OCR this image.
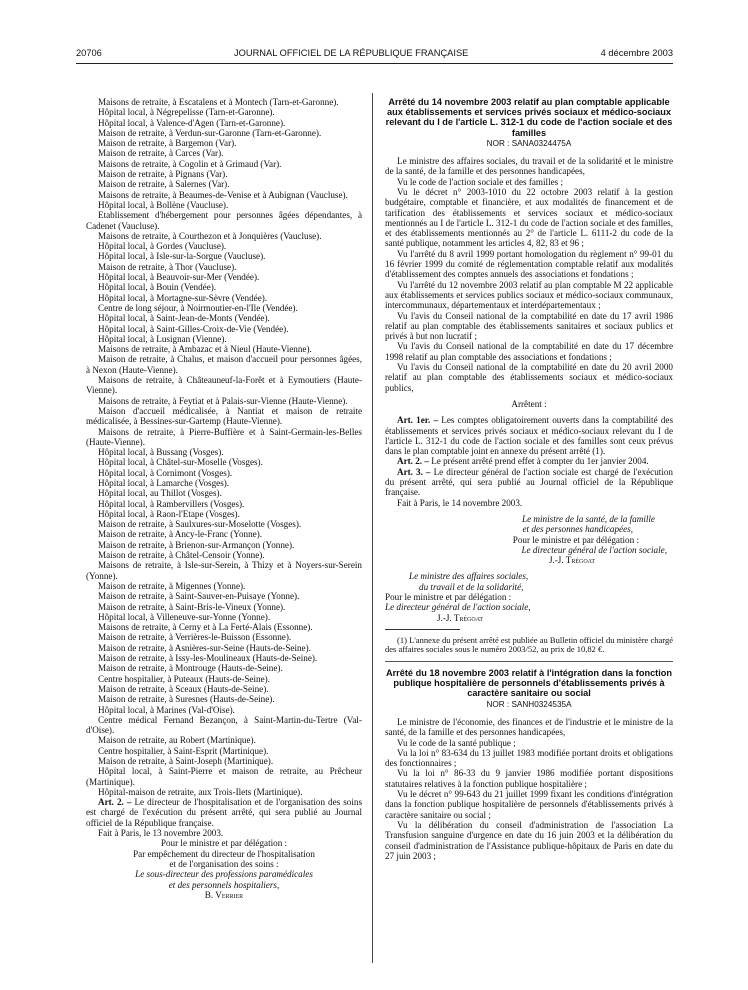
20706	JOURNAL OFFICIEL DE LA RÉPUBLIQUE FRANÇAISE	4 décembre 2003

Maisons de retraite, à Escatalens et à Montech (Tarn-et-Garonne).

Hôpital local, à Négrepelisse (Tarn-et-Garonne).

Hôpital local, à Valence-d'Agen (Tarn-et-Garonne).

Maison de retraite, à Verdun-sur-Garonne (Tarn-et-Garonne).

Maison de retraite, à Bargemon (Var).

Maison de retraite, à Carces (Var).

Maisons de retraite, à Cogolin et à Grimaud (Var).

Maison de retraite, à Pignans (Var).

Maison de retraite, à Salernes (Var).

Maisons de retraite, à Beaumes-de-Venise et à Aubignan (Vaucluse).

Hôpital local, à Bollène (Vaucluse).

Etablissement d'hébergement pour personnes âgées dépendantes, à Cadenet (Vaucluse).

Maisons de retraite, à Courthezon et à Jonquières (Vaucluse).

Hôpital local, à Gordes (Vaucluse).

Hôpital local, à Isle-sur-la-Sorgue (Vaucluse).

Maison de retraite, à Thor (Vaucluse).

Hôpital local, à Beauvoir-sur-Mer (Vendée).

Hôpital local, à Bouin (Vendée).

Hôpital local, à Mortagne-sur-Sèvre (Vendée).

Centre de long séjour, à Noirmoutier-en-l'Ile (Vendée).

Hôpital local, à Saint-Jean-de-Monts (Vendée).

Hôpital local, à Saint-Gilles-Croix-de-Vie (Vendée).

Hôpital local, à Lusignan (Vienne).

Maisons de retraite, à Ambazac et à Nieul (Haute-Vienne).

Maison de retraite, à Chalus, et maison d'accueil pour personnes âgées, à Nexon (Haute-Vienne).

Maisons de retraite, à Châteauneuf-la-Forêt et à Eymoutiers (Haute-Vienne).

Maisons de retraite, à Feytiat et à Palais-sur-Vienne (Haute-Vienne).

Maison d'accueil médicalisée, à Nantiat et maison de retraite médicalisée, à Bessines-sur-Gartemp (Haute-Vienne).

Maisons de retraite, à Pierre-Buffière et à Saint-Germain-les-Belles (Haute-Vienne).

Hôpital local, à Bussang (Vosges).

Hôpital local, à Châtel-sur-Moselle (Vosges).

Hôpital local, à Cornimont (Vosges).

Hôpital local, à Lamarche (Vosges).

Hôpital local, au Thillot (Vosges).

Hôpital local, à Rambervillers (Vosges).

Hôpital local, à Raon-l'Etape (Vosges).

Maison de retraite, à Saulxures-sur-Moselotte (Vosges).

Maison de retraite, à Ancy-le-Franc (Yonne).

Maison de retraite, à Brienon-sur-Armançon (Yonne).

Maison de retraite, à Châtel-Censoir (Yonne).

Maisons de retraite, à Isle-sur-Serein, à Thizy et à Noyers-sur-Serein (Yonne).

Maison de retraite, à Migennes (Yonne).

Maison de retraite, à Saint-Sauver-en-Puisaye (Yonne).

Maison de retraite, à Saint-Bris-le-Vineux (Yonne).

Hôpital local, à Villeneuve-sur-Yonne (Yonne).

Maisons de retraite, à Cerny et à La Ferté-Alais (Essonne).

Maison de retraite, à Verrières-le-Buisson (Essonne).

Maison de retraite, à Asnières-sur-Seine (Hauts-de-Seine).

Maison de retraite, à Issy-les-Moulineaux (Hauts-de-Seine).

Maison de retraite, à Montrouge (Hauts-de-Seine).

Centre hospitalier, à Puteaux (Hauts-de-Seine).

Maison de retraite, à Sceaux (Hauts-de-Seine).

Maison de retraite, à Suresnes (Hauts-de-Seine).

Hôpital local, à Marines (Val-d'Oise).

Centre médical Fernand Bezançon, à Saint-Martin-du-Tertre (Val-d'Oise).

Maison de retraite, au Robert (Martinique).

Centre hospitalier, à Saint-Esprit (Martinique).

Maison de retraite, à Saint-Joseph (Martinique).

Hôpital local, à Saint-Pierre et maison de retraite, au Prêcheur (Martinique).

Hôpital-maison de retraite, aux Trois-Ilets (Martinique).

Art. 2. – Le directeur de l'hospitalisation et de l'organisation des soins est chargé de l'exécution du présent arrêté, qui sera publié au Journal officiel de la République française.

Fait à Paris, le 13 novembre 2003.

Pour le ministre et par délégation :

Par empêchement du directeur de l'hospitalisation

et de l'organisation des soins :

Le sous-directeur des professions paramédicales

et des personnels hospitaliers,

B. Verrier

Arrêté du 14 novembre 2003 relatif au plan comptable applicable aux établissements et services privés sociaux et médico-sociaux relevant du I de l'article L. 312-1 du code de l'action sociale et des familles

NOR : SANA0324475A

Le ministre des affaires sociales, du travail et de la solidarité et le ministre de la santé, de la famille et des personnes handicapées,

Vu le code de l'action sociale et des familles ;

Vu le décret n° 2003-1010 du 22 octobre 2003 relatif à la gestion budgétaire, comptable et financière, et aux modalités de financement et de tarification des établissements et services sociaux et médico-sociaux mentionnés au I de l'article L. 312-1 du code de l'action sociale et des familles, et des établissements mentionnés au 2° de l'article L. 6111-2 du code de la santé publique, notamment les articles 4, 82, 83 et 96 ;

Vu l'arrêté du 8 avril 1999 portant homologation du règlement n° 99-01 du 16 février 1999 du comité de réglementation comptable relatif aux modalités d'établissement des comptes annuels des associations et fondations ;

Vu l'arrêté du 12 novembre 2003 relatif au plan comptable M 22 applicable aux établissements et services publics sociaux et médico-sociaux communaux, intercommunaux, départementaux et interdépartementaux ;

Vu l'avis du Conseil national de la comptabilité en date du 17 avril 1986 relatif au plan comptable des établissements sanitaires et sociaux publics et privés à but non lucratif ;

Vu l'avis du Conseil national de la comptabilité en date du 17 décembre 1998 relatif au plan comptable des associations et fondations ;

Vu l'avis du Conseil national de la comptabilité en date du 20 avril 2000 relatif au plan comptable des établissements sociaux et médico-sociaux publics,

Arrêtent :

Art. 1er. – Les comptes obligatoirement ouverts dans la comptabilité des établissements et services privés sociaux et médico-sociaux relevant du I de l'article L. 312-1 du code de l'action sociale et des familles sont ceux prévus dans le plan comptable joint en annexe du présent arrêté (1).

Art. 2. – Le présent arrêté prend effet à compter du 1er janvier 2004.

Art. 3. – Le directeur général de l'action sociale est chargé de l'exécution du présent arrêté, qui sera publié au Journal officiel de la République française.

Fait à Paris, le 14 novembre 2003.

Le ministre de la santé, de la famille

et des personnes handicapées,

Pour le ministre et par délégation :

Le directeur général de l'action sociale,

J.-J. Trégoat

Le ministre des affaires sociales,

du travail et de la solidarité,

Pour le ministre et par délégation :

Le directeur général de l'action sociale,

J.-J. Trégoat

(1) L'annexe du présent arrêté est publiée au Bulletin officiel du ministère chargé des affaires sociales sous le numéro 2003/52, au prix de 10,82 €.

Arrêté du 18 novembre 2003 relatif à l'intégration dans la fonction publique hospitalière de personnels d'établissements privés à caractère sanitaire ou social

NOR : SANH0324535A

Le ministre de l'économie, des finances et de l'industrie et le ministre de la santé, de la famille et des personnes handicapées,

Vu le code de la santé publique ;

Vu la loi n° 83-634 du 13 juillet 1983 modifiée portant droits et obligations des fonctionnaires ;

Vu la loi n° 86-33 du 9 janvier 1986 modifiée portant dispositions statutaires relatives à la fonction publique hospitalière ;

Vu le décret n° 99-643 du 21 juillet 1999 fixant les conditions d'intégration dans la fonction publique hospitalière de personnels d'établissements privés à caractère sanitaire ou social ;

Vu la délibération du conseil d'administration de l'association La Transfusion sanguine d'urgence en date du 16 juin 2003 et la délibération du conseil d'administration de l'Assistance publique-hôpitaux de Paris en date du 27 juin 2003 ;
